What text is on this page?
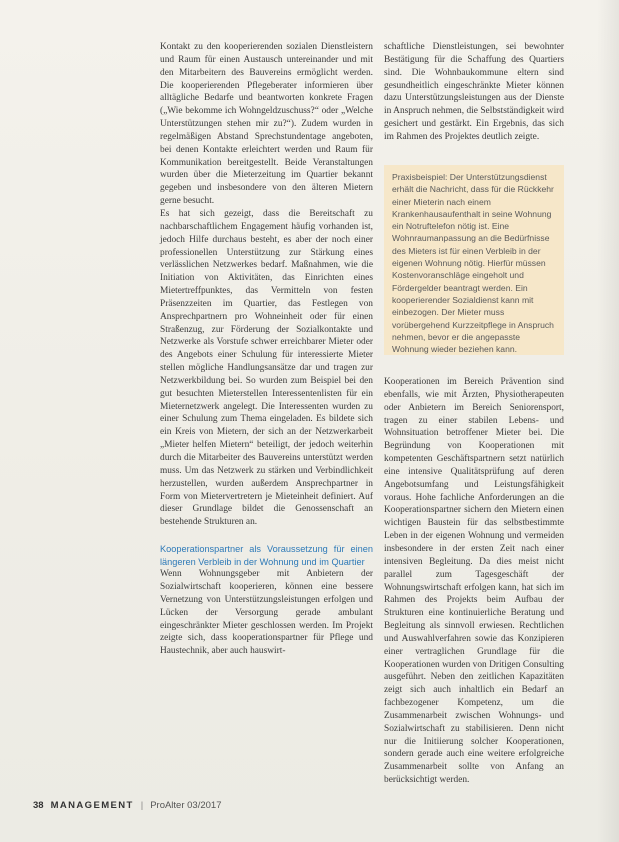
Kontakt zu den kooperierenden sozialen Dienstleistern und Raum für einen Austausch untereinander und mit den Mitarbeitern des Bauvereins ermöglicht werden. Die kooperierenden Pflegeberater informieren über alltägliche Bedarfe und beantworten konkrete Fragen („Wie bekomme ich Wohngeldzuschuss?“ oder „Welche Unterstützungen stehen mir zu?“). Zudem wurden in regelmäßigen Abstand Sprechstundentage angeboten, bei denen Kontakte erleichtert werden und Raum für Kommunikation bereitgestellt. Beide Veranstaltungen wurden über die Mieterzeitung im Quartier bekannt gegeben und insbesondere von den älteren Mietern gerne besucht.

Es hat sich gezeigt, dass die Bereitschaft zu nachbarschaftlichem Engagement häufig vorhanden ist, jedoch Hilfe durchaus besteht, es aber der noch einer professionellen Unterstützung zur Stärkung eines verlässlichen Netzwerkes bedarf. Maßnahmen, wie die Initiation von Aktivitäten, das Einrichten eines Mietertreffpunktes, das Vermitteln von festen Präsenzzeiten im Quartier, das Festlegen von Ansprechpartnern pro Wohneinheit oder für einen Straßenzug, zur Förderung der Sozialkontakte und Netzwerke als Vorstufe schwer erreichbarer Mieter oder des Angebots einer Schulung für interessierte Mieter stellen mögliche Handlungsansätze dar und tragen zur Netzwerkbildung bei. So wurden zum Beispiel bei den gut besuchten Mieterstellen Interessentenlisten für ein Mieternetzwerk angelegt. Die Interessenten wurden zu einer Schulung zum Thema eingeladen. Es bildete sich ein Kreis von Mietern, der sich an der Netzwerkarbeit „Mieter helfen Mietern“ beteiligt, der jedoch weiterhin durch die Mitarbeiter des Bauvereins unterstützt werden muss. Um das Netzwerk zu stärken und Verbindlichkeit herzustellen, wurden außerdem Ansprechpartner in Form von Mietervertretern je Mieteinheit definiert. Auf dieser Grundlage bildet die Genossenschaft an bestehende Strukturen an.

Kooperationspartner als Voraussetzung für einen längeren Verbleib in der Wohnung und im Quartier

Wenn Wohnungsgeber mit Anbietern der Sozialwirtschaft kooperieren, können eine bessere Vernetzung von Unterstützungsleistungen erfolgen und Lücken der Versorgung gerade ambulant eingeschränkter Mieter geschlossen werden. Im Projekt zeigte sich, dass kooperationspartner für Pflege und Haustechnik, aber auch hauswirt-

schaftliche Dienstleistungen, sei bewohnter Bestätigung für die Schaffung des Quartiers sind. Die Wohnbaukommune eltern sind gesundheitlich eingeschränkte Mieter können dazu Unterstützungsleistungen aus der Dienste in Anspruch nehmen, die Selbstständigkeit wird gesichert und gestärkt. Ein Ergebnis, das sich im Rahmen des Projektes deutlich zeigte.

Praxisbeispiel: Der Unterstützungsdienst erhält die Nachricht, dass für die Rückkehr einer Mieterin nach einem Krankenhausaufenthalt in seine Wohnung ein Notruftelefon nötig ist. Eine Wohnraumanpassung an die Bedürfnisse des Mieters ist für einen Verbleib in der eigenen Wohnung nötig. Hierfür müssen Kostenvoranschläge eingeholt und Fördergelder beantragt werden. Ein kooperierender Sozialdienst kann mit einbezogen. Der Mieter muss vorübergehend Kurzzeitpflege in Anspruch nehmen, bevor er die angepasste Wohnung wieder beziehen kann.

Kooperationen im Bereich Prävention sind ebenfalls, wie mit Ärzten, Physiotherapeuten oder Anbietern im Bereich Seniorensport, tragen zu einer stabilen Lebens- und Wohnsituation betroffener Mieter bei. Die Begründung von Kooperationen mit kompetenten Geschäftspartnern setzt natürlich eine intensive Qualitätsprüfung auf deren Angebotsumfang und Leistungsfähigkeit voraus. Hohe fachliche Anforderungen an die Kooperationspartner sichern den Mietern einen wichtigen Baustein für das selbstbestimmte Leben in der eigenen Wohnung und vermeiden insbesondere in der ersten Zeit nach einer intensiven Begleitung. Da dies meist nicht parallel zum Tagesgeschäft der Wohnungswirtschaft erfolgen kann, hat sich im Rahmen des Projekts beim Aufbau der Strukturen eine kontinuierliche Beratung und Begleitung als sinnvoll erwiesen. Rechtlichen und Auswahlverfahren sowie das Konzipieren einer vertraglichen Grundlage für die Kooperationen wurden von Dritigen Consulting ausgeführt. Neben den zeitlichen Kapazitäten zeigt sich auch inhaltlich ein Bedarf an fachbezogener Kompetenz, um die Zusammenarbeit zwischen Wohnungs- und Sozialwirtschaft zu stabilisieren. Denn nicht nur die Initiierung solcher Kooperationen, sondern gerade auch eine weitere erfolgreiche Zusammenarbeit sollte von Anfang an berücksichtigt werden.

38 MANAGEMENT | ProAlter 03/2017
